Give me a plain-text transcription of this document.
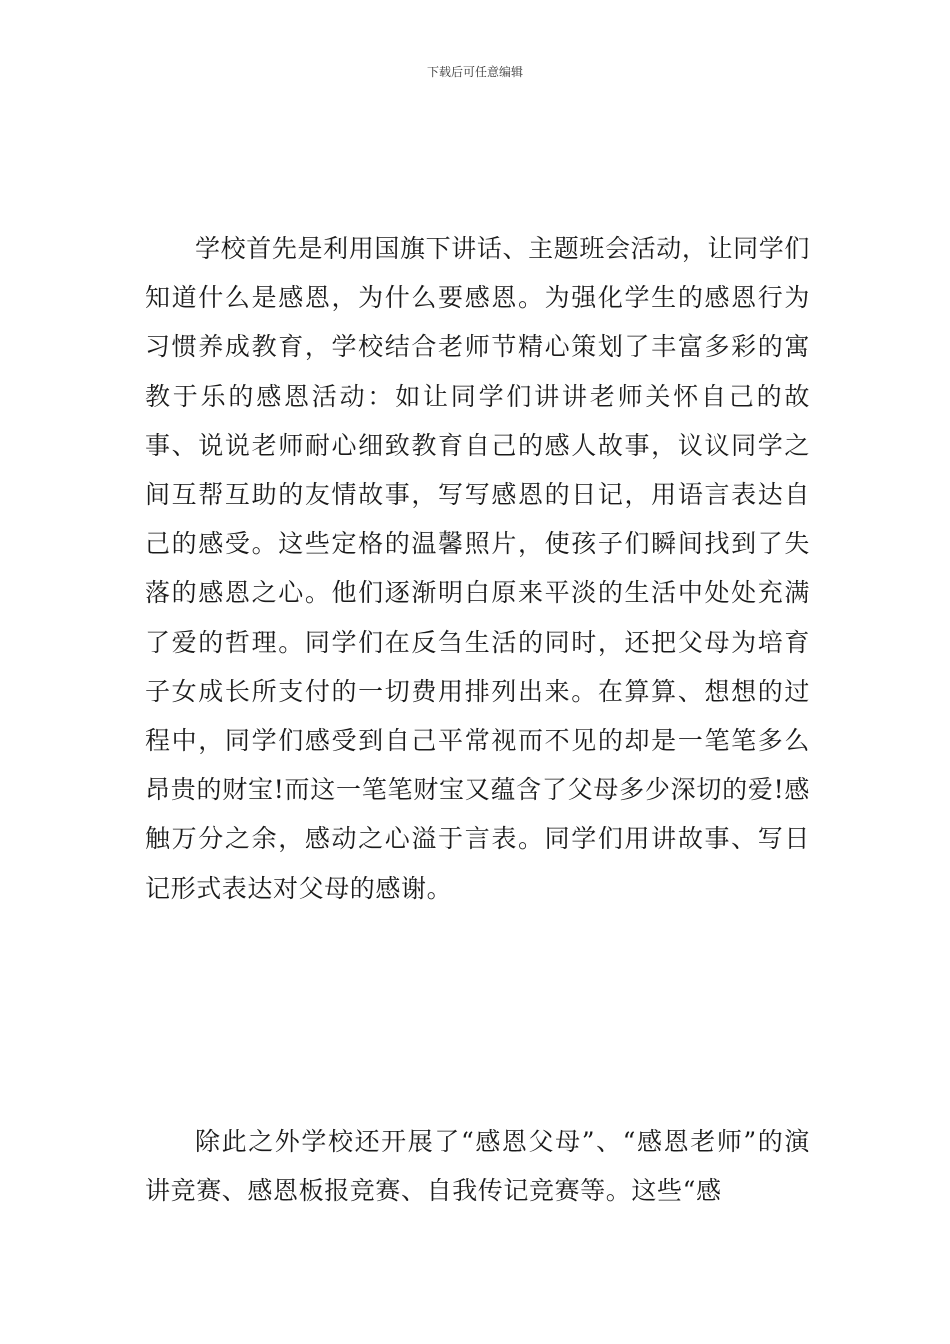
下载后可任意编辑

学校首先是利用国旗下讲话、主题班会活动，让同学们知道什么是感恩，为什么要感恩。为强化学生的感恩行为习惯养成教育，学校结合老师节精心策划了丰富多彩的寓教于乐的感恩活动：如让同学们讲讲老师关怀自己的故事、说说老师耐心细致教育自己的感人故事，议议同学之间互帮互助的友情故事，写写感恩的日记，用语言表达自己的感受。这些定格的温馨照片，使孩子们瞬间找到了失落的感恩之心。他们逐渐明白原来平淡的生活中处处充满了爱的哲理。同学们在反刍生活的同时，还把父母为培育子女成长所支付的一切费用排列出来。在算算、想想的过程中，同学们感受到自己平常视而不见的却是一笔笔多么昂贵的财宝!而这一笔笔财宝又蕴含了父母多少深切的爱!感触万分之余，感动之心溢于言表。同学们用讲故事、写日记形式表达对父母的感谢。

除此之外学校还开展了“感恩父母”、“感恩老师”的演讲竞赛、感恩板报竞赛、自我传记竞赛等。这些“感
